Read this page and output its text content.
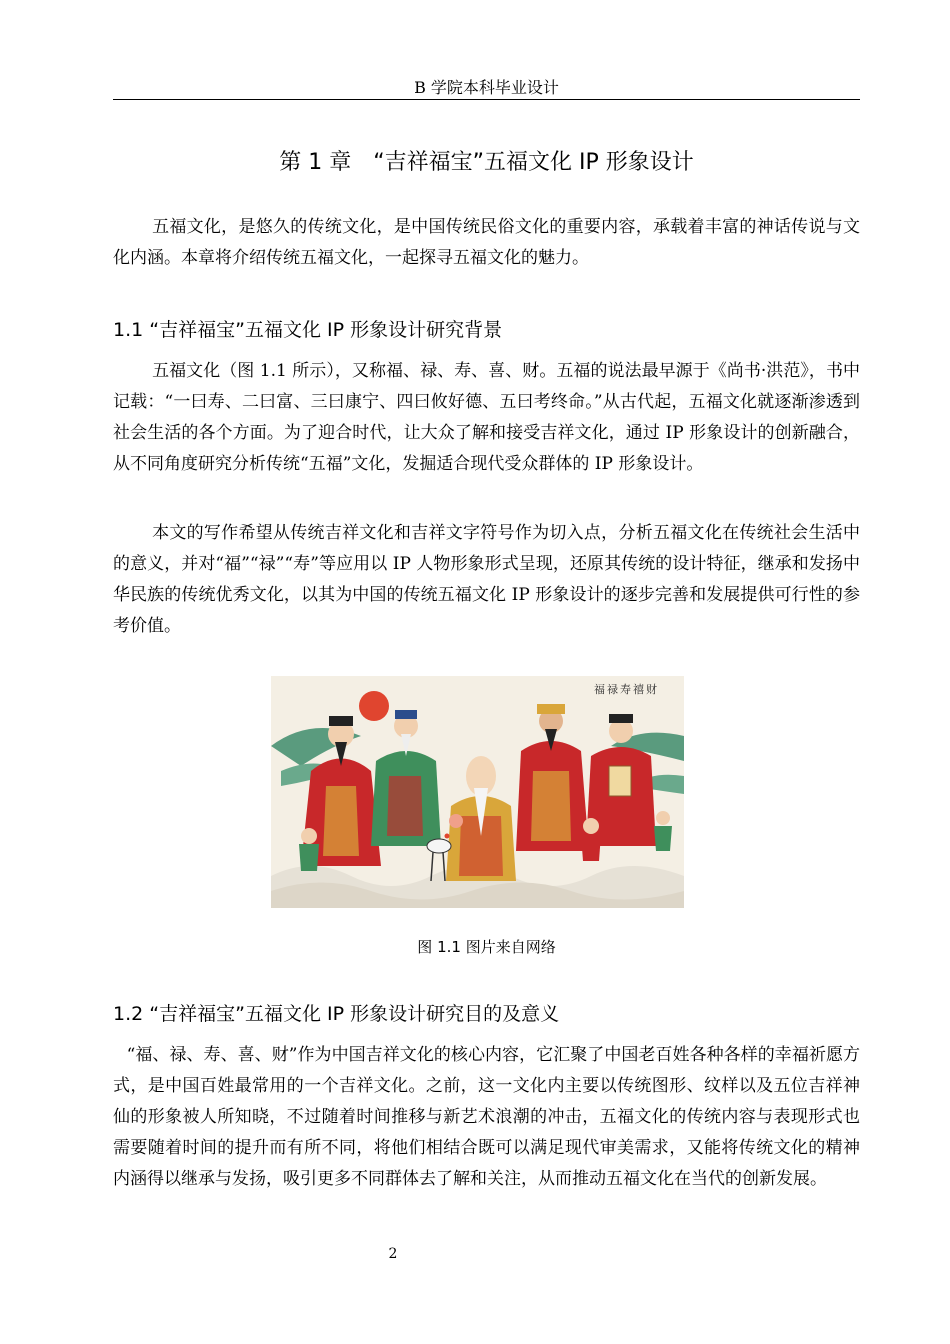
B 学院本科毕业设计
第 1 章　“吉祥福宝”五福文化 IP 形象设计

五福文化，是悠久的传统文化，是中国传统民俗文化的重要内容，承载着丰富的神话传说与文化内涵。本章将介绍传统五福文化，一起探寻五福文化的魅力。

1.1 “吉祥福宝”五福文化 IP 形象设计研究背景

五福文化（图 1.1 所示），又称福、禄、寿、喜、财。五福的说法最早源于《尚书·洪范》，书中记载：“一曰寿、二曰富、三曰康宁、四曰攸好德、五曰考终命。”从古代起，五福文化就逐渐渗透到社会生活的各个方面。为了迎合时代，让大众了解和接受吉祥文化，通过 IP 形象设计的创新融合，从不同角度研究分析传统“五福”文化，发掘适合现代受众群体的 IP 形象设计。

本文的写作希望从传统吉祥文化和吉祥文字符号作为切入点，分析五福文化在传统社会生活中的意义，并对“福”“禄”“寿”等应用以 IP 人物形象形式呈现，还原其传统的设计特征，继承和发扬中华民族的传统优秀文化，以其为中国的传统五福文化 IP 形象设计的逐步完善和发展提供可行性的参考价值。

福禄寿禧财
图 1.1 图片来自网络
1.2 “吉祥福宝”五福文化 IP 形象设计研究目的及意义

“福、禄、寿、喜、财”作为中国吉祥文化的核心内容，它汇聚了中国老百姓各种各样的幸福祈愿方式，是中国百姓最常用的一个吉祥文化。之前，这一文化内主要以传统图形、纹样以及五位吉祥神仙的形象被人所知晓，不过随着时间推移与新艺术浪潮的冲击，五福文化的传统内容与表现形式也需要随着时间的提升而有所不同，将他们相结合既可以满足现代审美需求，又能将传统文化的精神内涵得以继承与发扬，吸引更多不同群体去了解和关注，从而推动五福文化在当代的创新发展。

2
